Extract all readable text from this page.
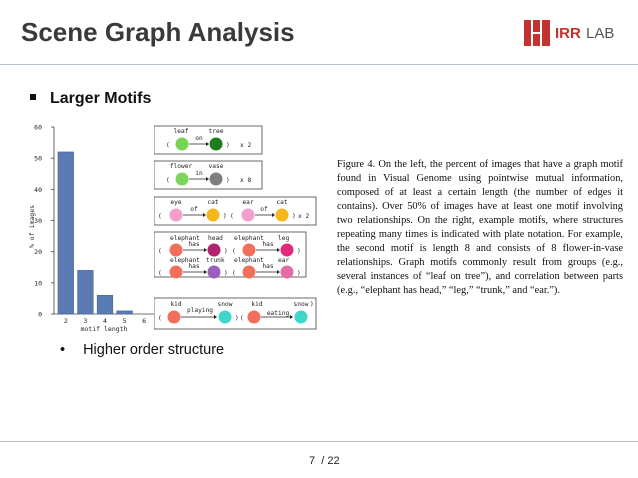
Scene Graph Analysis	IRR LAB
Larger Motifs
0
10
20
30
40
50
60
2 3 4 5 6
motif length
% of images
leaf	tree
on
(	) x 2
flower	vase
in
(	) x 8
eye	cat	ear	cat
of	of
(	) (	) x 2
elephant head elephant leg
has	has
(	) (	)
elephant trunk elephant ear
has	has
(	) (	)
kid	snow	kid	snow
playing	eating
(	) (
)
Figure 4. On the left, the percent of images that have a graph motif found in Visual Genome using pointwise mutual information, composed of at least a certain length (the number of edges it contains). Over 50% of images have at least one motif involving two relationships. On the right, example motifs, where structures repeating many times is indicated with plate notation. For example, the second motif is length 8 and consists of 8 flower-in-vase relationships. Graph motifs commonly result from groups (e.g., several instances of “leaf on tree”), and correlation between parts (e.g., “elephant has head,” “leg,” “trunk,” and “ear.”).
• Higher order structure
7 / 22
